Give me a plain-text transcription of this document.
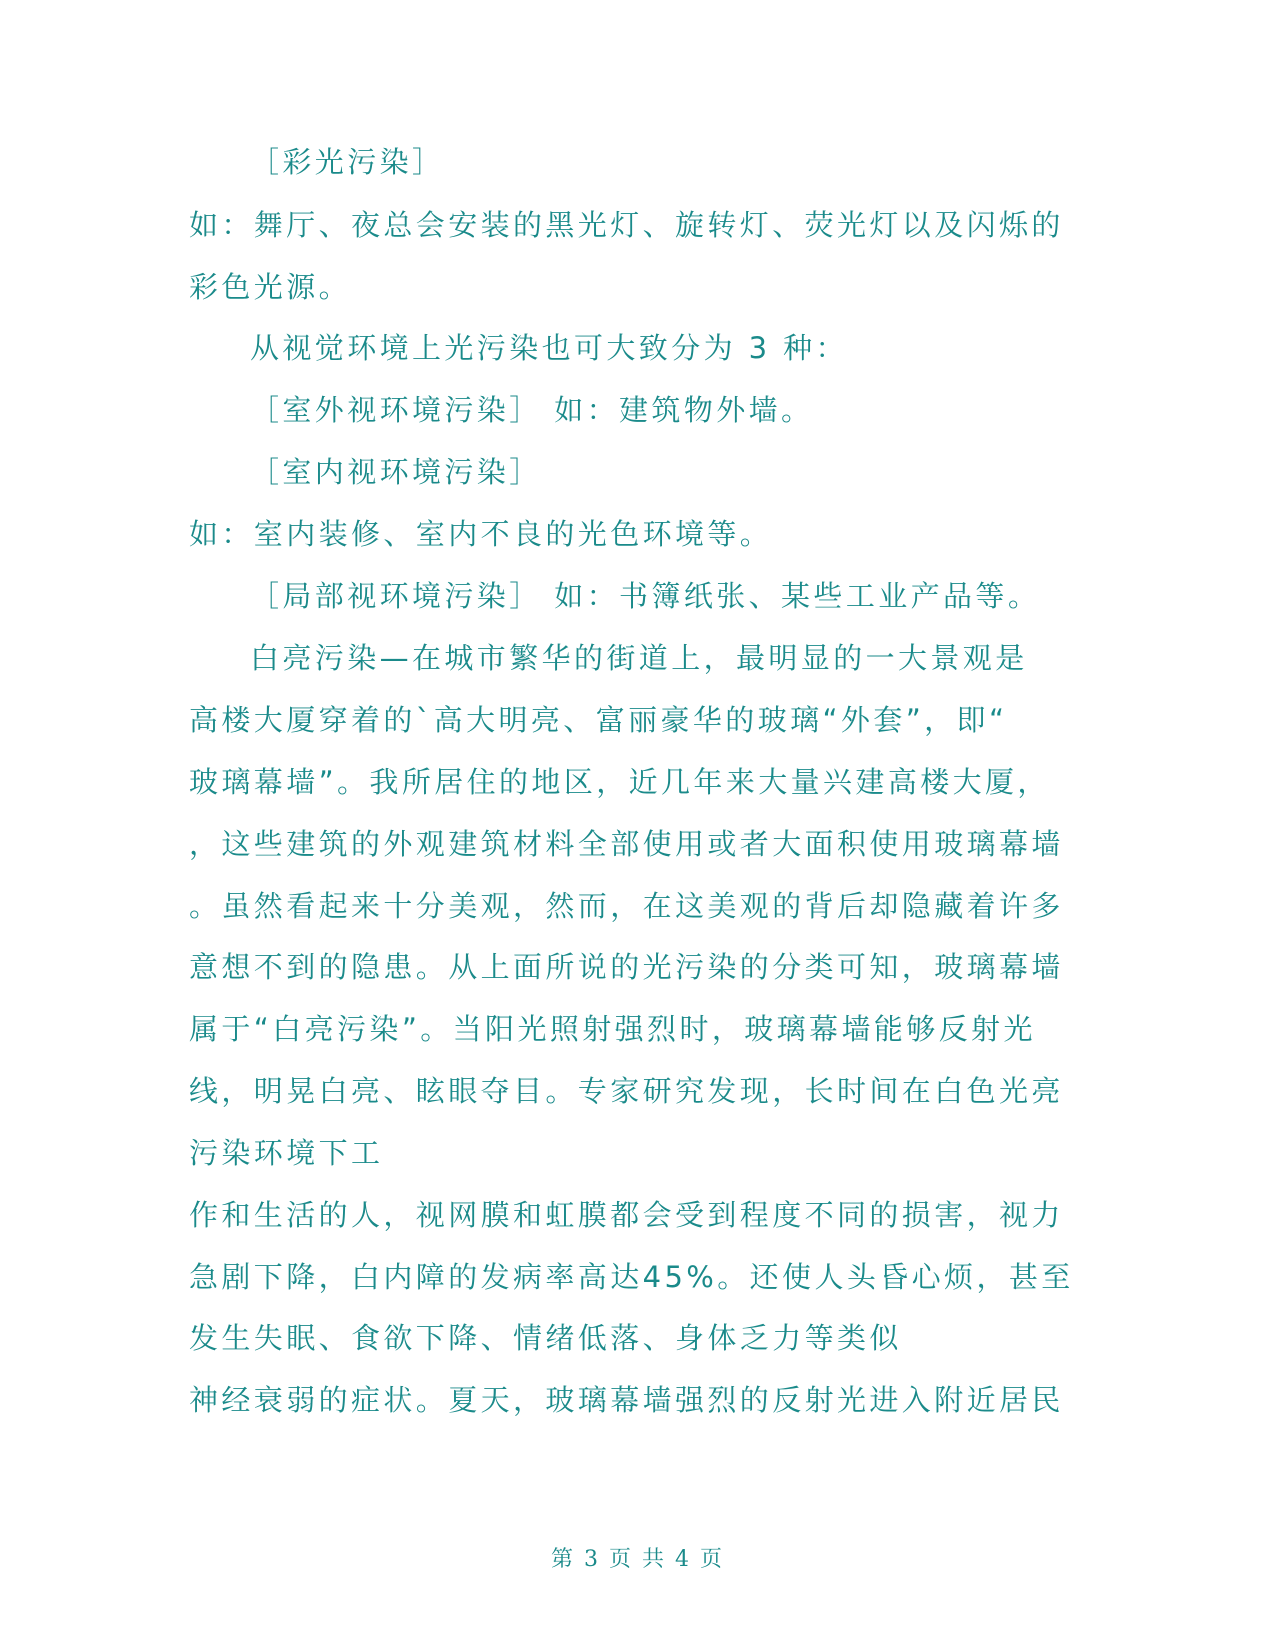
［彩光污染］
如：舞厅、夜总会安装的黑光灯、旋转灯、荧光灯以及闪烁的
彩色光源。
从视觉环境上光污染也可大致分为 3 种：
［室外视环境污染］ 如：建筑物外墙。
［室内视环境污染］
如：室内装修、室内不良的光色环境等。
［局部视环境污染］ 如：书簿纸张、某些工业产品等。
白亮污染—在城市繁华的街道上，最明显的一大景观是
高楼大厦穿着的`高大明亮、富丽豪华的玻璃“外套”，即“
玻璃幕墙”。我所居住的地区，近几年来大量兴建高楼大厦，
，这些建筑的外观建筑材料全部使用或者大面积使用玻璃幕墙
。虽然看起来十分美观，然而，在这美观的背后却隐藏着许多
意想不到的隐患。从上面所说的光污染的分类可知，玻璃幕墙
属于“白亮污染”。当阳光照射强烈时，玻璃幕墙能够反射光
线，明晃白亮、眩眼夺目。专家研究发现，长时间在白色光亮
污染环境下工
作和生活的人，视网膜和虹膜都会受到程度不同的损害，视力
急剧下降，白内障的发病率高达45%。还使人头昏心烦，甚至
发生失眠、食欲下降、情绪低落、身体乏力等类似
神经衰弱的症状。夏天，玻璃幕墙强烈的反射光进入附近居民
第 3 页 共 4 页
